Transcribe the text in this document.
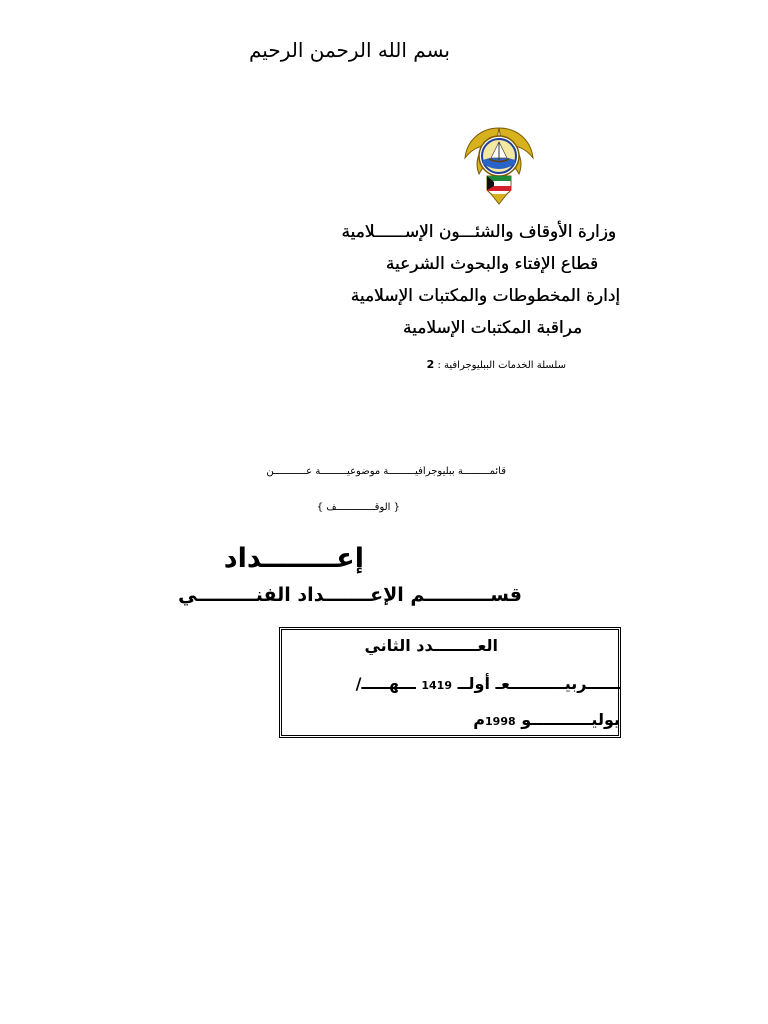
بسم الله الرحمن الرحيم
وزارة الأوقاف والشئـــون الإســــــلامية
قطاع الإفتاء والبحوث الشرعية
إدارة المخطوطات والمكتبات الإسلامية
مراقبة المكتبات الإسلامية
سلسلة الخدمات الببليوجرافية : 2
قائمـــــــــة ببليوجرافيـــــــــة موضوعيـــــــــة عـــــــــــن
{ الوقـــــــــــــف }
إعــــــــداد
قســــــــــم الإعـــــــداد الفنـــــــــي
العــــــــدد الثاني
ــــــربيــــــــــعـ أولــ 1419 ـــهـــــ/
يوليـــــــــــو 1998م
